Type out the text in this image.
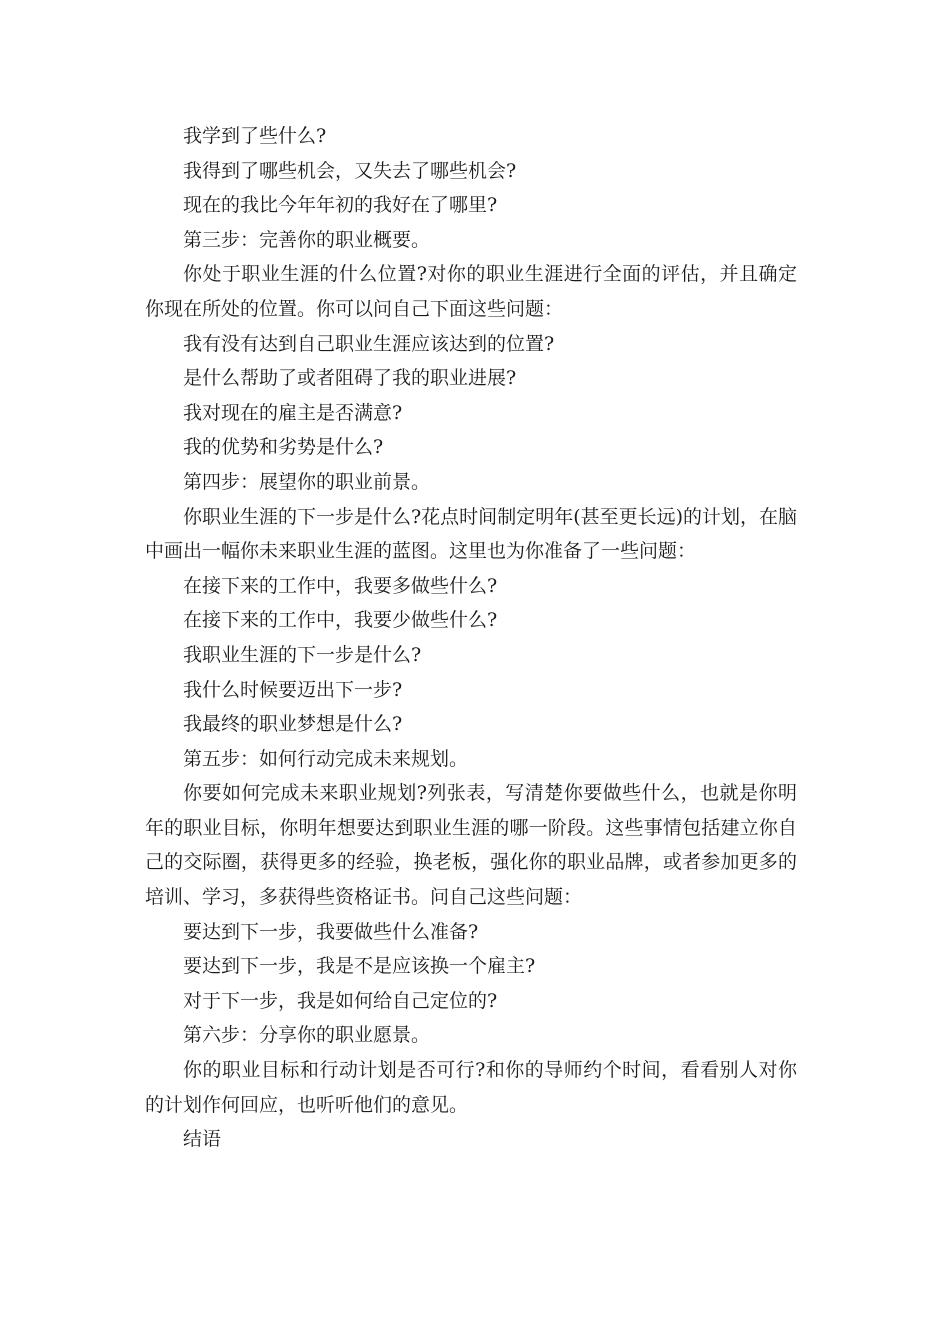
我学到了些什么?

我得到了哪些机会，又失去了哪些机会?

现在的我比今年年初的我好在了哪里?

第三步：完善你的职业概要。

你处于职业生涯的什么位置?对你的职业生涯进行全面的评估，并且确定你现在所处的位置。你可以问自己下面这些问题：

我有没有达到自己职业生涯应该达到的位置?

是什么帮助了或者阻碍了我的职业进展?

我对现在的雇主是否满意?

我的优势和劣势是什么?

第四步：展望你的职业前景。

你职业生涯的下一步是什么?花点时间制定明年(甚至更长远)的计划，在脑中画出一幅你未来职业生涯的蓝图。这里也为你准备了一些问题：

在接下来的工作中，我要多做些什么?

在接下来的工作中，我要少做些什么?

我职业生涯的下一步是什么?

我什么时候要迈出下一步?

我最终的职业梦想是什么?

第五步：如何行动完成未来规划。

你要如何完成未来职业规划?列张表，写清楚你要做些什么，也就是你明年的职业目标，你明年想要达到职业生涯的哪一阶段。这些事情包括建立你自己的交际圈，获得更多的经验，换老板，强化你的职业品牌，或者参加更多的培训、学习，多获得些资格证书。问自己这些问题：

要达到下一步，我要做些什么准备?

要达到下一步，我是不是应该换一个雇主?

对于下一步，我是如何给自己定位的?

第六步：分享你的职业愿景。

你的职业目标和行动计划是否可行?和你的导师约个时间，看看别人对你的计划作何回应，也听听他们的意见。

结语
